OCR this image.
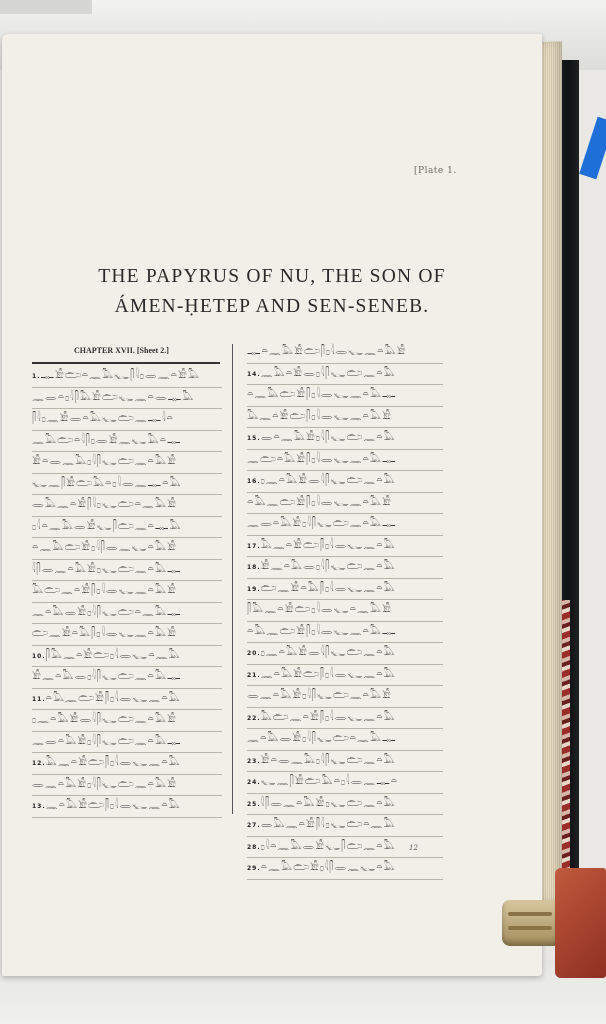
[Plate 1.
THE PAPYRUS OF NU, THE SON OF
ÁMEN-ḤETEP AND SEN-SENEB.
CHAPTER XVII. [Sheet 2.]
1.𓊃𓀀𓂧𓏏𓈖𓅓𓆑𓋴𓇋𓊪𓂋𓈖𓏏𓀀𓅓
𓈖𓂋𓏏𓊪𓇋𓋴𓅓𓀀𓂧𓆑𓈖𓏏𓂋𓊃𓅓
𓋴𓇋𓊪𓈖𓀀𓂋𓏏𓅓𓆑𓂧𓈖𓊃𓇋𓏏
𓈖𓅓𓂧𓏏𓇋𓋴𓊪𓂋𓀀𓈖𓆑𓅓𓏏𓊃
𓀀𓏏𓂋𓈖𓅓𓊪𓇋𓋴𓆑𓂧𓈖𓏏𓅓𓀀
𓆑𓈖𓋴𓀀𓂧𓅓𓏏𓊪𓇋𓂋𓈖𓊃𓏏𓅓
𓂋𓅓𓈖𓏏𓀀𓋴𓇋𓊪𓆑𓂧𓏏𓈖𓅓𓀀
𓊪𓇋𓏏𓈖𓅓𓂋𓀀𓆑𓋴𓂧𓈖𓏏𓊃𓅓
𓏏𓈖𓅓𓂧𓀀𓊪𓇋𓋴𓂋𓈖𓆑𓏏𓅓𓀀
𓇋𓋴𓂋𓈖𓏏𓅓𓀀𓊪𓆑𓂧𓈖𓏏𓅓𓊃
𓅓𓂧𓈖𓏏𓀀𓋴𓊪𓇋𓂋𓆑𓈖𓏏𓅓𓀀
𓈖𓏏𓅓𓂋𓀀𓊪𓇋𓋴𓆑𓂧𓏏𓈖𓅓𓊃
𓂧𓈖𓀀𓏏𓅓𓋴𓊪𓇋𓂋𓆑𓈖𓏏𓅓𓀀
10.𓋴𓅓𓈖𓏏𓀀𓂧𓊪𓇋𓂋𓆑𓏏𓈖𓅓
𓀀𓈖𓏏𓅓𓂋𓊪𓇋𓋴𓆑𓂧𓈖𓏏𓅓𓊃
11.𓏏𓅓𓈖𓂧𓀀𓋴𓊪𓇋𓂋𓆑𓈖𓏏𓅓
𓊪𓈖𓏏𓅓𓀀𓂋𓇋𓋴𓆑𓂧𓈖𓏏𓅓𓀀
𓈖𓂋𓏏𓅓𓀀𓊪𓇋𓋴𓆑𓂧𓈖𓏏𓅓𓊃
12.𓅓𓈖𓏏𓀀𓂧𓋴𓊪𓇋𓂋𓆑𓈖𓏏𓅓
𓂋𓈖𓏏𓅓𓀀𓊪𓇋𓋴𓆑𓂧𓈖𓏏𓅓𓀀
13.𓈖𓏏𓅓𓀀𓂧𓋴𓊪𓇋𓂋𓆑𓈖𓏏𓅓
𓊃𓏏𓈖𓅓𓀀𓂧𓋴𓊪𓇋𓂋𓆑𓈖𓏏𓅓𓀀
14.𓈖𓅓𓏏𓀀𓂋𓊪𓇋𓋴𓆑𓂧𓈖𓏏𓅓
𓏏𓈖𓅓𓂧𓀀𓋴𓊪𓇋𓂋𓆑𓈖𓏏𓅓𓊃
𓅓𓈖𓏏𓀀𓂧𓋴𓊪𓇋𓂋𓆑𓈖𓏏𓅓𓀀
15.𓂋𓏏𓈖𓅓𓀀𓊪𓇋𓋴𓆑𓂧𓈖𓏏𓅓
𓈖𓂧𓏏𓅓𓀀𓋴𓊪𓇋𓂋𓆑𓈖𓏏𓅓𓊃
16.𓊪𓈖𓏏𓅓𓀀𓂋𓇋𓋴𓆑𓂧𓈖𓏏𓅓
𓏏𓅓𓈖𓂧𓀀𓋴𓊪𓇋𓂋𓆑𓈖𓏏𓅓𓀀
𓈖𓂋𓏏𓅓𓀀𓊪𓇋𓋴𓆑𓂧𓈖𓏏𓅓𓊃
17.𓅓𓈖𓏏𓀀𓂧𓋴𓊪𓇋𓂋𓆑𓈖𓏏𓅓
18.𓀀𓈖𓏏𓅓𓂋𓊪𓇋𓋴𓆑𓂧𓈖𓏏𓅓
19.𓂧𓈖𓀀𓏏𓅓𓋴𓊪𓇋𓂋𓆑𓈖𓏏𓅓
𓋴𓅓𓈖𓏏𓀀𓂧𓊪𓇋𓂋𓆑𓏏𓈖𓅓𓀀
𓏏𓅓𓈖𓂧𓀀𓋴𓊪𓇋𓂋𓆑𓈖𓏏𓅓𓊃
20.𓊪𓈖𓏏𓅓𓀀𓂋𓇋𓋴𓆑𓂧𓈖𓏏𓅓
21.𓈖𓏏𓅓𓀀𓂧𓋴𓊪𓇋𓂋𓆑𓈖𓏏𓅓
𓂋𓈖𓏏𓅓𓀀𓊪𓇋𓋴𓆑𓂧𓈖𓏏𓅓𓀀
22.𓅓𓂧𓈖𓏏𓀀𓋴𓊪𓇋𓂋𓆑𓈖𓏏𓅓
𓈖𓏏𓅓𓂋𓀀𓊪𓇋𓋴𓆑𓂧𓏏𓈖𓅓𓊃
23.𓀀𓏏𓂋𓈖𓅓𓊪𓇋𓋴𓆑𓂧𓈖𓏏𓅓
24.𓆑𓈖𓋴𓀀𓂧𓅓𓏏𓊪𓇋𓂋𓈖𓊃𓏏
25.𓇋𓋴𓂋𓈖𓏏𓅓𓀀𓊪𓆑𓂧𓈖𓏏𓅓
27.𓂋𓅓𓈖𓏏𓀀𓋴𓇋𓊪𓆑𓂧𓏏𓈖𓅓
28.𓊪𓇋𓏏𓈖𓅓𓂋𓀀𓆑𓋴𓂧𓈖𓏏𓅓
29.𓏏𓈖𓅓𓂧𓀀𓊪𓇋𓋴𓂋𓈖𓆑𓏏𓅓
12
